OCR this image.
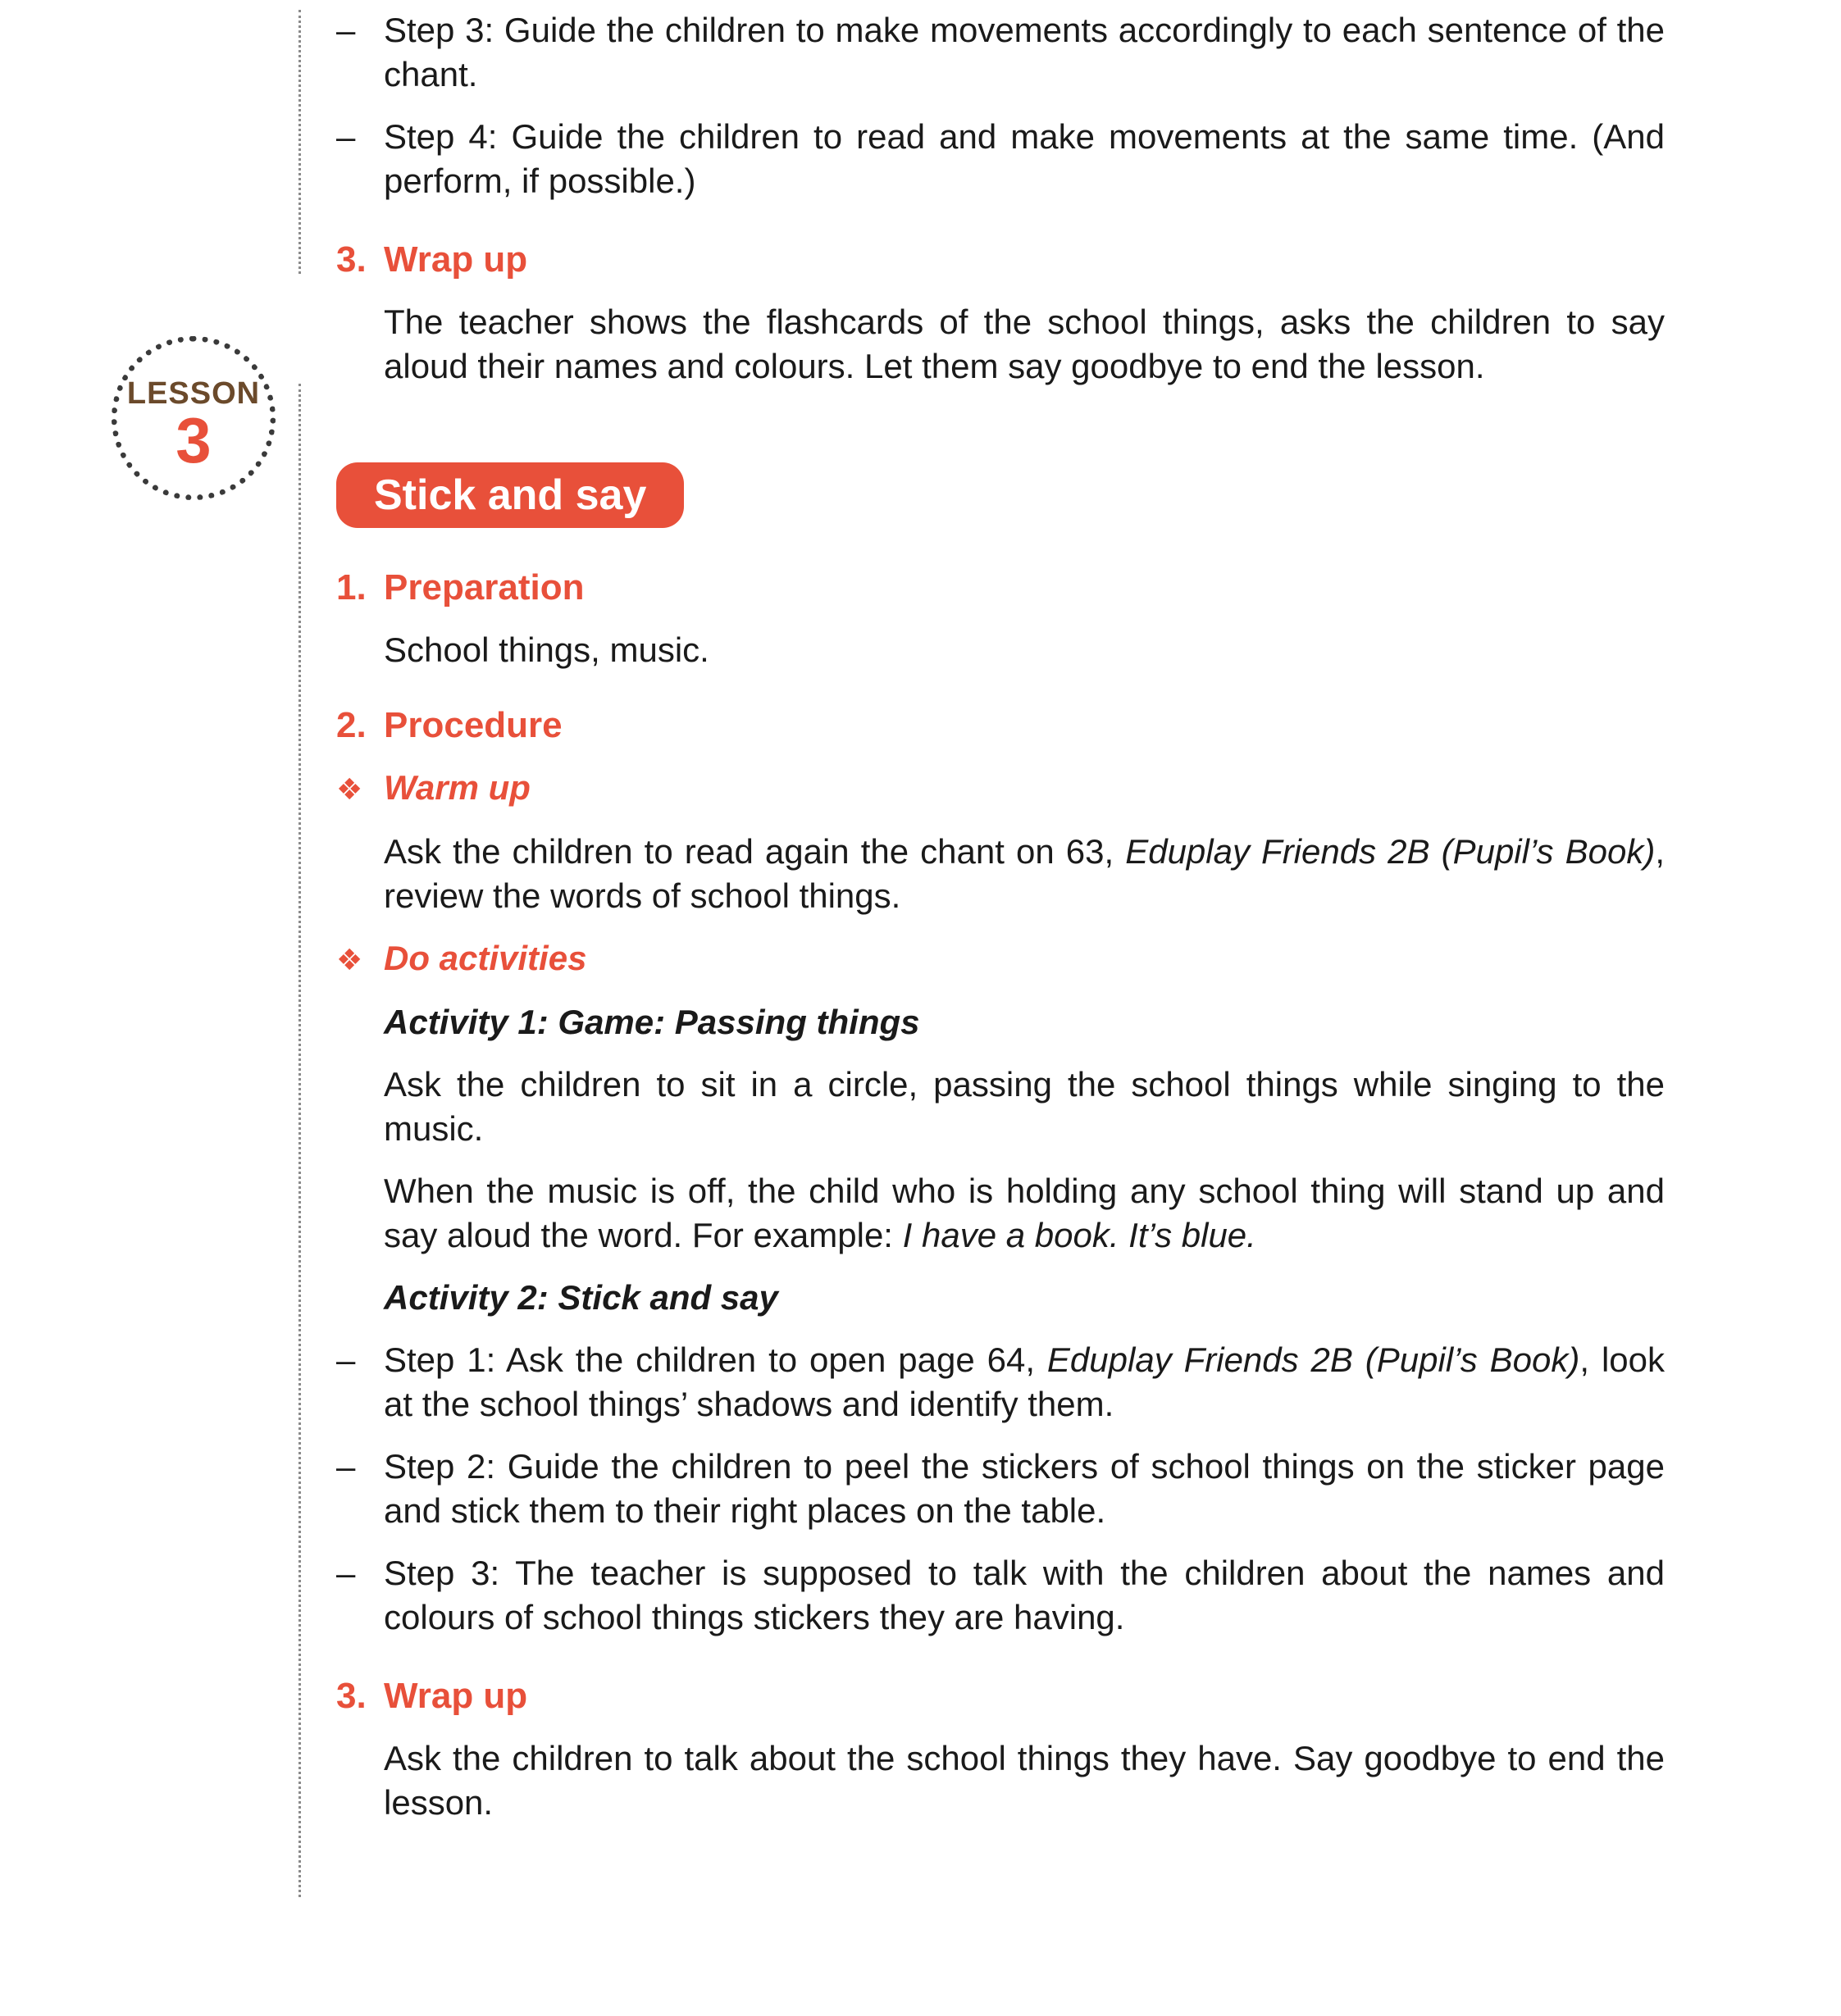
LESSON
3

– Step 3: Guide the children to make movements accordingly to each sentence of the chant.

– Step 4: Guide the children to read and make movements at the same time. (And perform, if possible.)

3. Wrap up

The teacher shows the flashcards of the school things, asks the children to say aloud their names and colours. Let them say goodbye to end the lesson.

Stick and say
1. Preparation

School things, music.

2. Procedure
❖ Warm up

Ask the children to read again the chant on 63, Eduplay Friends 2B (Pupil’s Book), review the words of school things.

❖ Do activities
Activity 1: Game: Passing things

Ask the children to sit in a circle, passing the school things while singing to the music.

When the music is off, the child who is holding any school thing will stand up and say aloud the word. For example: I have a book. It’s blue.

Activity 2: Stick and say

– Step 1: Ask the children to open page 64, Eduplay Friends 2B (Pupil’s Book), look at the school things’ shadows and identify them.

– Step 2: Guide the children to peel the stickers of school things on the sticker page and stick them to their right places on the table.

– Step 3: The teacher is supposed to talk with the children about the names and colours of school things stickers they are having.

3. Wrap up

Ask the children to talk about the school things they have. Say goodbye to end the lesson.
